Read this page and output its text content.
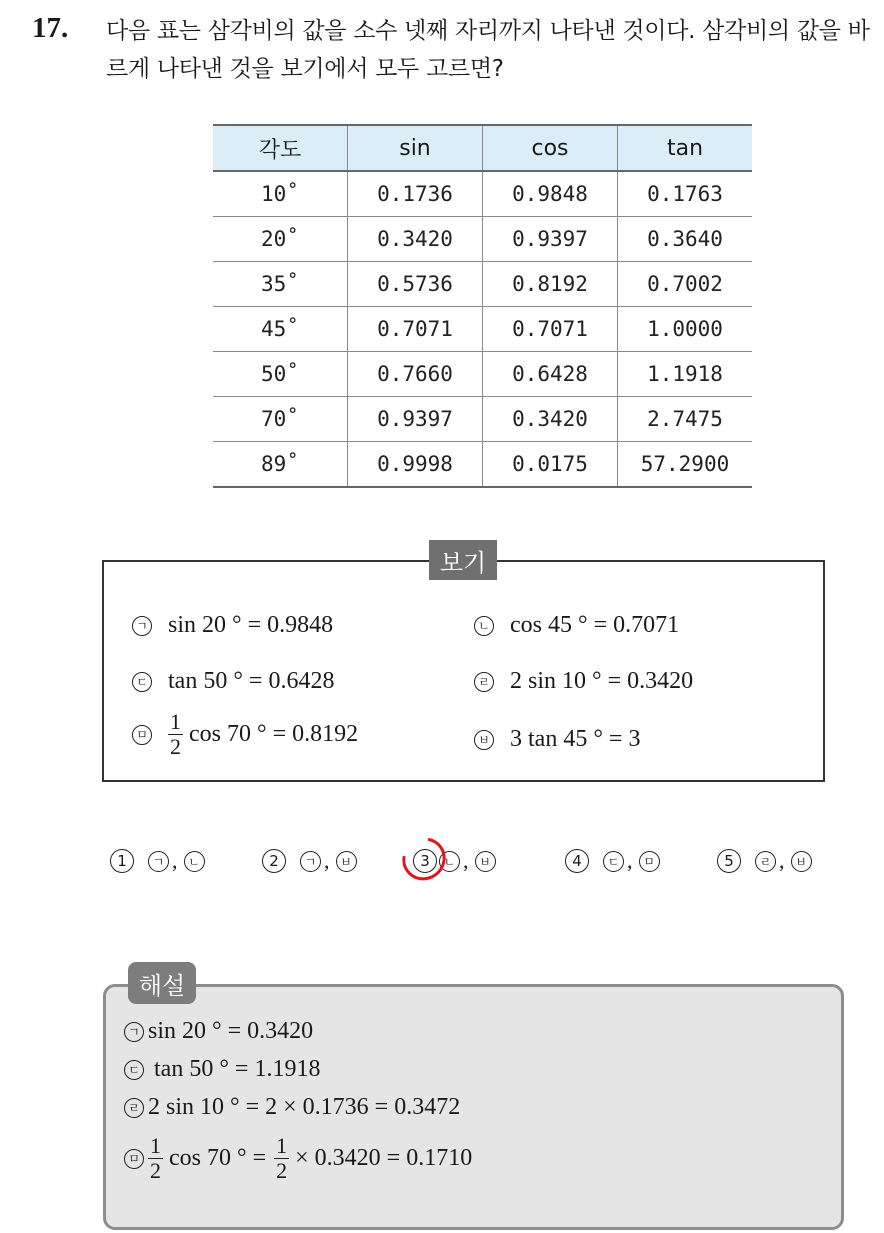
17. 다음 표는 삼각비의 값을 소수 넷째 자리까지 나타낸 것이다. 삼각비의 값을 바르게 나타낸 것을 보기에서 모두 고르면?
각도	sin	cos	tan
10˚	0.1736	0.9848	0.1763
20˚	0.3420	0.9397	0.3640
35˚	0.5736	0.8192	0.7002
45˚	0.7071	0.7071	1.0000
50˚	0.7660	0.6428	1.1918
70˚	0.9397	0.3420	2.7475
89˚	0.9998	0.0175	57.2900
보기
ㄱ sin 20 ° = 0.9848	ㄴ cos 45 ° = 0.7071
ㄷ tan 50 ° = 0.6428	ㄹ 2 sin 10 ° = 0.3420
ㅁ $\frac{1}{2}$ cos 70 ° = 0.8192	ㅂ 3 tan 45 ° = 3
1	ㄱ , ㄴ	2	ㄱ , ㅂ	3	ㄴ , ㅂ	4	ㄷ , ㅁ	5	ㄹ , ㅂ
해설
ㄱ sin 20 ° = 0.3420
ㄷ tan 50 ° = 1.1918
ㄹ 2 sin 10 ° = 2 × 0.1736 = 0.3472
ㅁ $\frac{1}{2}$ cos 70 ° = $\frac{1}{2} \times 0.3420 = 0.1710$
